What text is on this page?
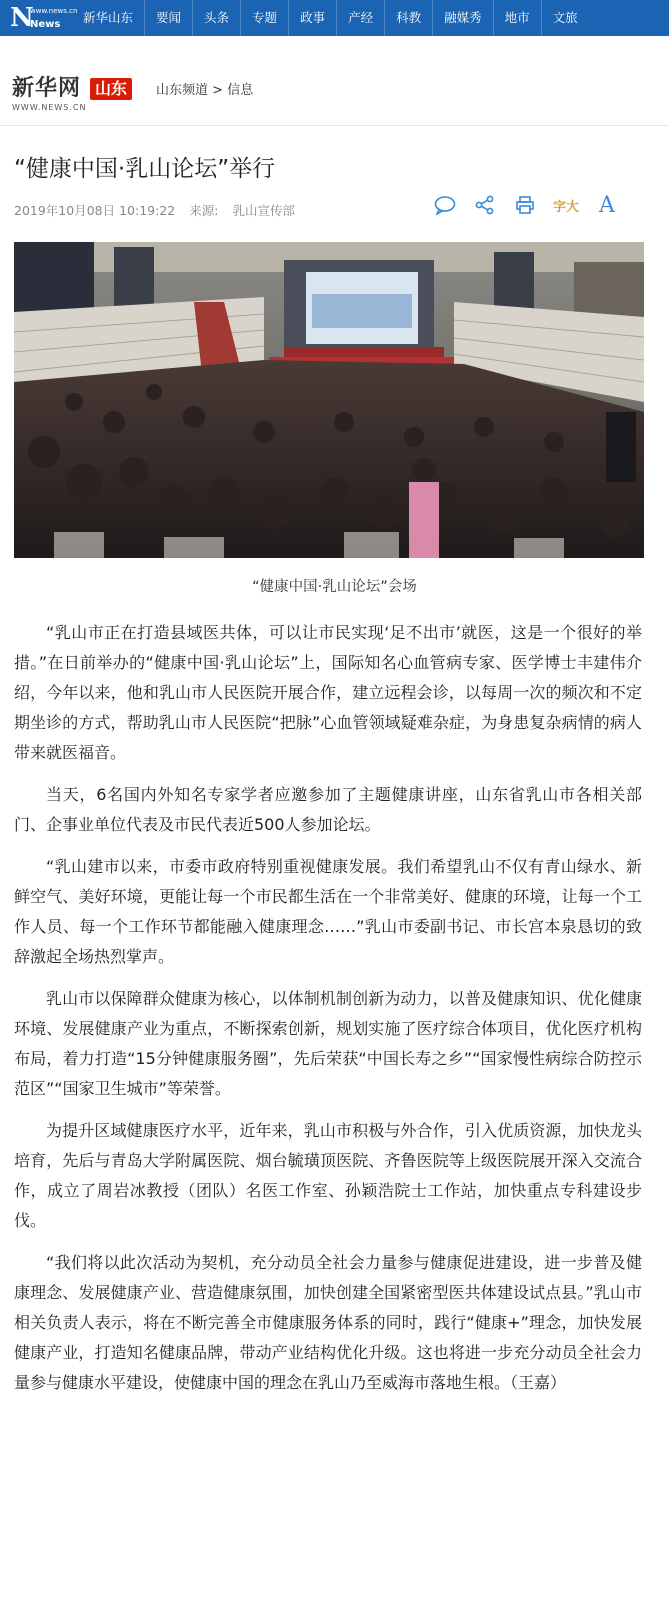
N
www.news.cn
News	新华山东	要闻	头条	专题	政事	产经	科教	融媒秀	地市	文旅
新华网 山东
WWW.NEWS.CN
山东频道 > 信息
“健康中国·乳山论坛”举行
2019年10月08日 10:19:22 来源: 乳山宣传部	字大 A
“健康中国·乳山论坛”会场

“乳山市正在打造县域医共体，可以让市民实现‘足不出市’就医，这是一个很好的举措。”在日前举办的“健康中国·乳山论坛”上，国际知名心血管病专家、医学博士丰建伟介绍，今年以来，他和乳山市人民医院开展合作，建立远程会诊，以每周一次的频次和不定期坐诊的方式，帮助乳山市人民医院“把脉”心血管领域疑难杂症，为身患复杂病情的病人带来就医福音。

当天，6名国内外知名专家学者应邀参加了主题健康讲座，山东省乳山市各相关部门、企事业单位代表及市民代表近500人参加论坛。

“乳山建市以来，市委市政府特别重视健康发展。我们希望乳山不仅有青山绿水、新鲜空气、美好环境，更能让每一个市民都生活在一个非常美好、健康的环境，让每一个工作人员、每一个工作环节都能融入健康理念……”乳山市委副书记、市长宫本泉恳切的致辞激起全场热烈掌声。

乳山市以保障群众健康为核心，以体制机制创新为动力，以普及健康知识、优化健康环境、发展健康产业为重点，不断探索创新，规划实施了医疗综合体项目，优化医疗机构布局，着力打造“15分钟健康服务圈”，先后荣获“中国长寿之乡”“国家慢性病综合防控示范区”“国家卫生城市”等荣誉。

为提升区域健康医疗水平，近年来，乳山市积极与外合作，引入优质资源，加快龙头培育，先后与青岛大学附属医院、烟台毓璜顶医院、齐鲁医院等上级医院展开深入交流合作，成立了周岩冰教授（团队）名医工作室、孙颖浩院士工作站，加快重点专科建设步伐。

“我们将以此次活动为契机，充分动员全社会力量参与健康促进建设，进一步普及健康理念、发展健康产业、营造健康氛围，加快创建全国紧密型医共体建设试点县。”乳山市相关负责人表示，将在不断完善全市健康服务体系的同时，践行“健康+”理念，加快发展健康产业，打造知名健康品牌，带动产业结构优化升级。这也将进一步充分动员全社会力量参与健康水平建设，使健康中国的理念在乳山乃至威海市落地生根。（王嘉）
